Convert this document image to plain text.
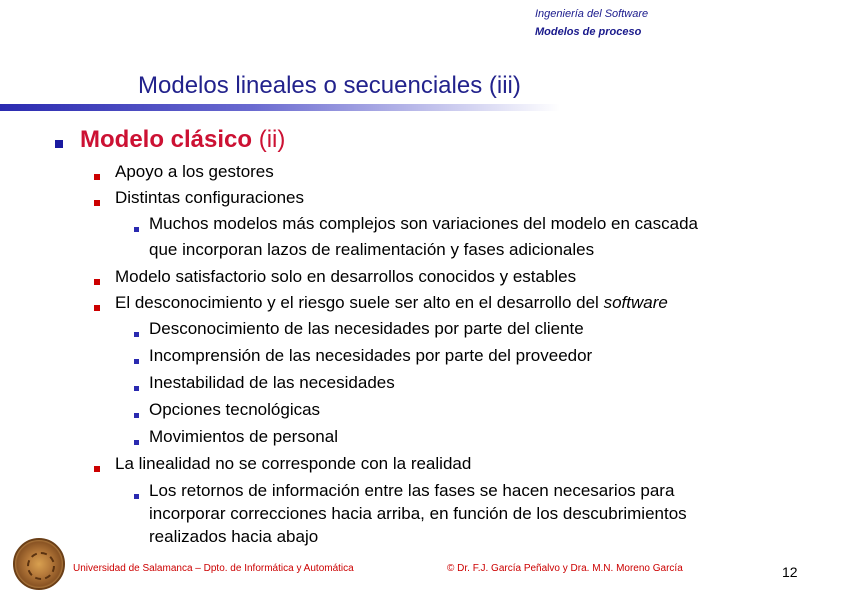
Ingeniería del Software
Modelos de proceso
Modelos lineales o secuenciales (iii)
Modelo clásico (ii)
Apoyo a los gestores
Distintas configuraciones
Muchos modelos más complejos son variaciones del modelo en cascada
que incorporan lazos de realimentación y fases adicionales
Modelo satisfactorio solo en desarrollos conocidos y estables
El desconocimiento y el riesgo suele ser alto en el desarrollo del software
Desconocimiento de las necesidades por parte del cliente
Incomprensión de las necesidades por parte del proveedor
Inestabilidad de las necesidades
Opciones tecnológicas
Movimientos de personal
La linealidad no se corresponde con la realidad
Los retornos de información entre las fases se hacen necesarios para
incorporar correcciones hacia arriba, en función de los descubrimientos
realizados hacia abajo
Universidad de Salamanca – Dpto. de Informática y Automática	© Dr. F.J. García Peñalvo y Dra. M.N. Moreno García	12
